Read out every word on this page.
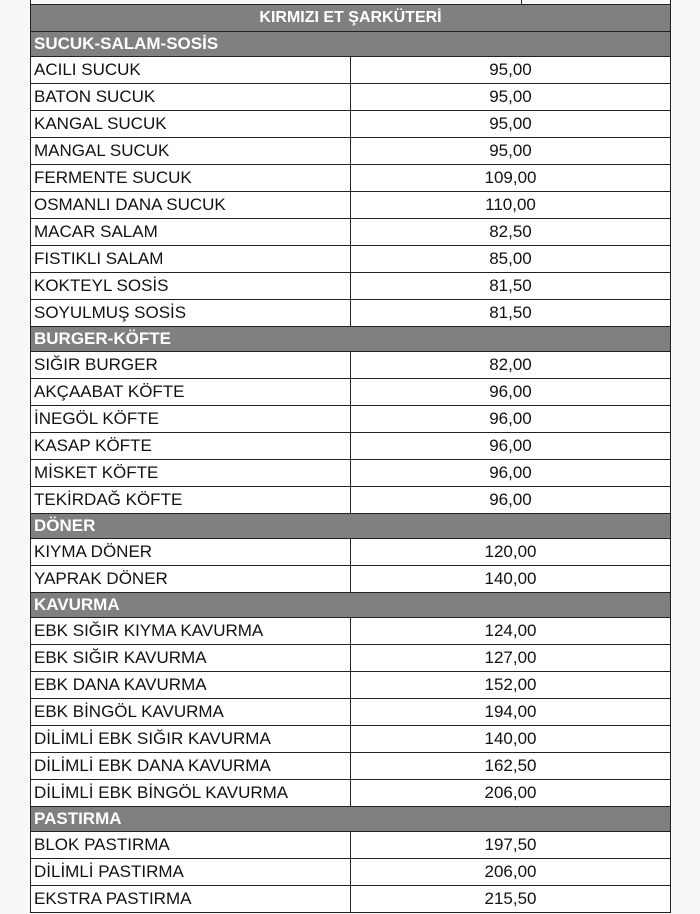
KIRMIZI ET ŞARKÜTERİ	
SUCUK-SALAM-SOSİS	
ACILI SUCUK	95,00
BATON SUCUK	95,00
KANGAL SUCUK	95,00
MANGAL SUCUK	95,00
FERMENTE SUCUK	109,00
OSMANLI DANA SUCUK	110,00
MACAR SALAM	82,50
FISTIKLI SALAM	85,00
KOKTEYL SOSİS	81,50
SOYULMUŞ SOSİS	81,50
BURGER-KÖFTE	
SIĞIR BURGER	82,00
AKÇAABAT KÖFTE	96,00
İNEGÖL KÖFTE	96,00
KASAP KÖFTE	96,00
MİSKET KÖFTE	96,00
TEKİRDAĞ KÖFTE	96,00
DÖNER	
KIYMA DÖNER	120,00
YAPRAK DÖNER	140,00
KAVURMA	
EBK SIĞIR KIYMA KAVURMA	124,00
EBK SIĞIR KAVURMA	127,00
EBK DANA KAVURMA	152,00
EBK BİNGÖL KAVURMA	194,00
DİLİMLİ EBK SIĞIR KAVURMA	140,00
DİLİMLİ EBK DANA KAVURMA	162,50
DİLİMLİ EBK BİNGÖL KAVURMA	206,00
PASTIRMA	
BLOK PASTIRMA	197,50
DİLİMLİ PASTIRMA	206,00
EKSTRA PASTIRMA	215,50
